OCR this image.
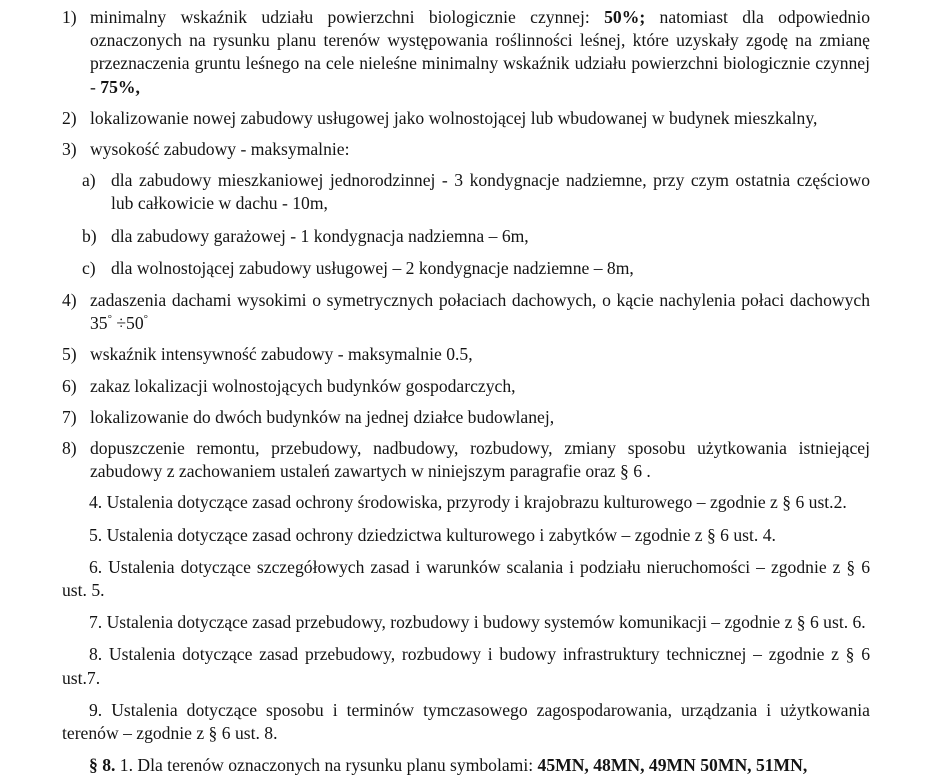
1) minimalny wskaźnik udziału powierzchni biologicznie czynnej: 50%; natomiast dla odpowiednio oznaczonych na rysunku planu terenów występowania roślinności leśnej, które uzyskały zgodę na zmianę przeznaczenia gruntu leśnego na cele nieleśne minimalny wskaźnik udziału powierzchni biologicznie czynnej - 75%,
2) lokalizowanie nowej zabudowy usługowej jako wolnostojącej lub wbudowanej w budynek mieszkalny,
3) wysokość zabudowy - maksymalnie:
a) dla zabudowy mieszkaniowej jednorodzinnej - 3 kondygnacje nadziemne, przy czym ostatnia częściowo lub całkowicie w dachu - 10m,
b) dla zabudowy garażowej - 1 kondygnacja nadziemna – 6m,
c) dla wolnostojącej zabudowy usługowej – 2 kondygnacje nadziemne – 8m,
4) zadaszenia dachami wysokimi o symetrycznych połaciach dachowych, o kącie nachylenia połaci dachowych 35° ÷50°
5) wskaźnik intensywność zabudowy - maksymalnie 0.5,
6) zakaz lokalizacji wolnostojących budynków gospodarczych,
7) lokalizowanie do dwóch budynków na jednej działce budowlanej,
8) dopuszczenie remontu, przebudowy, nadbudowy, rozbudowy, zmiany sposobu użytkowania istniejącej zabudowy z zachowaniem ustaleń zawartych w niniejszym paragrafie oraz § 6 .

4. Ustalenia dotyczące zasad ochrony środowiska, przyrody i krajobrazu kulturowego – zgodnie z § 6 ust.2.

5. Ustalenia dotyczące zasad ochrony dziedzictwa kulturowego i zabytków – zgodnie z § 6 ust. 4.

6. Ustalenia dotyczące szczegółowych zasad i warunków scalania i podziału nieruchomości – zgodnie z § 6 ust. 5.

7. Ustalenia dotyczące zasad przebudowy, rozbudowy i budowy systemów komunikacji – zgodnie z § 6 ust. 6.

8. Ustalenia dotyczące zasad przebudowy, rozbudowy i budowy infrastruktury technicznej – zgodnie z § 6 ust.7.

9. Ustalenia dotyczące sposobu i terminów tymczasowego zagospodarowania, urządzania i użytkowania terenów – zgodnie z § 6 ust. 8.

§ 8. 1. Dla terenów oznaczonych na rysunku planu symbolami: 45MN, 48MN, 49MN 50MN, 51MN,
